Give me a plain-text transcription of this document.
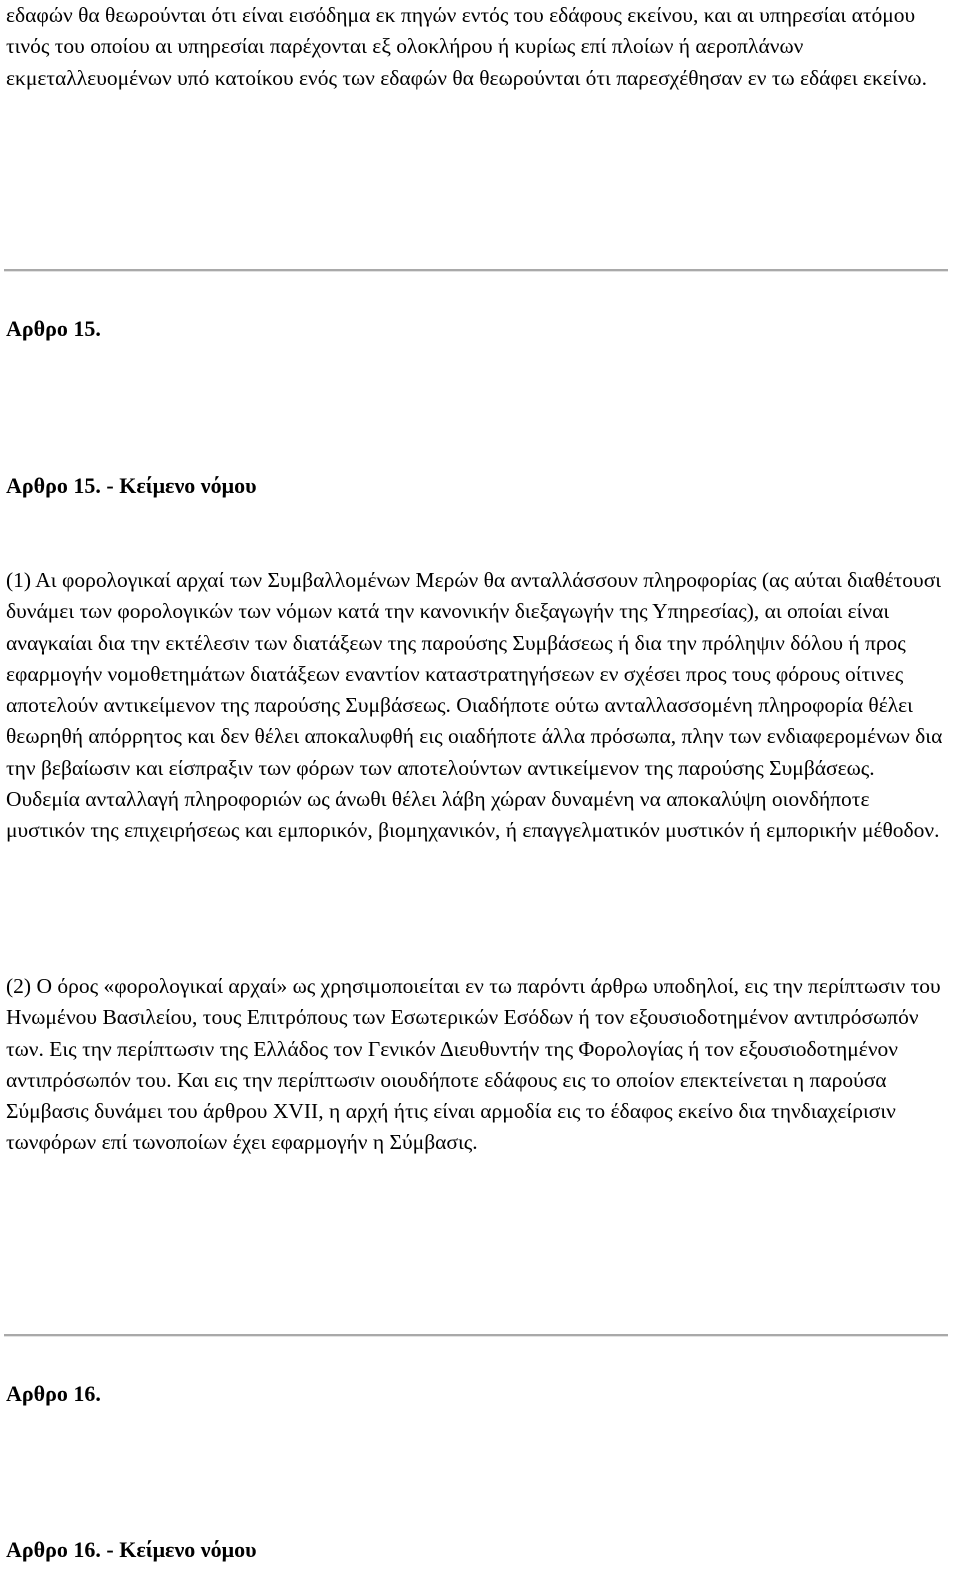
εδαφών θα θεωρούνται ότι είναι εισόδημα εκ πηγών εντός του εδάφους εκείνου, και αι υπηρεσίαι ατόμου τινός του οποίου αι υπηρεσίαι παρέχονται εξ ολοκλήρου ή κυρίως επί πλοίων ή αεροπλάνων εκμεταλλευομένων υπό κατοίκου ενός των εδαφών θα θεωρούνται ότι παρεσχέθησαν εν τω εδάφει εκείνω.

Αρθρο 15.

Αρθρο 15. - Κείμενο νόμου

(1) Αι φορολογικαί αρχαί των Συμβαλλομένων Μερών θα ανταλλάσσουν πληροφορίας (ας αύται διαθέτουσι δυνάμει των φορολογικών των νόμων κατά την κανονικήν διεξαγωγήν της Υπηρεσίας), αι οποίαι είναι αναγκαίαι δια την εκτέλεσιν των διατάξεων της παρούσης Συμβάσεως ή δια την πρόληψιν δόλου ή προς εφαρμογήν νομοθετημάτων διατάξεων εναντίον καταστρατηγήσεων εν σχέσει προς τους φόρους οίτινες αποτελούν αντικείμενον της παρούσης Συμβάσεως. Οιαδήποτε ούτω ανταλλασσομένη πληροφορία θέλει θεωρηθή απόρρητος και δεν θέλει αποκαλυφθή εις οιαδήποτε άλλα πρόσωπα, πλην των ενδιαφερομένων δια την βεβαίωσιν και είσπραξιν των φόρων των αποτελούντων αντικείμενον της παρούσης Συμβάσεως. Ουδεμία ανταλλαγή πληροφοριών ως άνωθι θέλει λάβη χώραν δυναμένη να αποκαλύψη οιονδήποτε μυστικόν της επιχειρήσεως και εμπορικόν, βιομηχανικόν, ή επαγγελματικόν μυστικόν ή εμπορικήν μέθοδον.

(2) Ο όρος «φορολογικαί αρχαί» ως χρησιμοποιείται εν τω παρόντι άρθρω υποδηλοί, εις την περίπτωσιν του Ηνωμένου Βασιλείου, τους Επιτρόπους των Εσωτερικών Εσόδων ή τον εξουσιοδοτημένον αντιπρόσωπόν των. Εις την περίπτωσιν της Ελλάδος τον Γενικόν Διευθυντήν της Φορολογίας ή τον εξουσιοδοτημένον αντιπρόσωπόν του. Και εις την περίπτωσιν οιουδήποτε εδάφους εις το οποίον επεκτείνεται η παρούσα Σύμβασις δυνάμει του άρθρου XVII, η αρχή ήτις είναι αρμοδία εις το έδαφος εκείνο δια τηνδιαχείρισιν τωνφόρων επί τωνοποίων έχει εφαρμογήν η Σύμβασις.

Αρθρο 16.

Αρθρο 16. - Κείμενο νόμου
